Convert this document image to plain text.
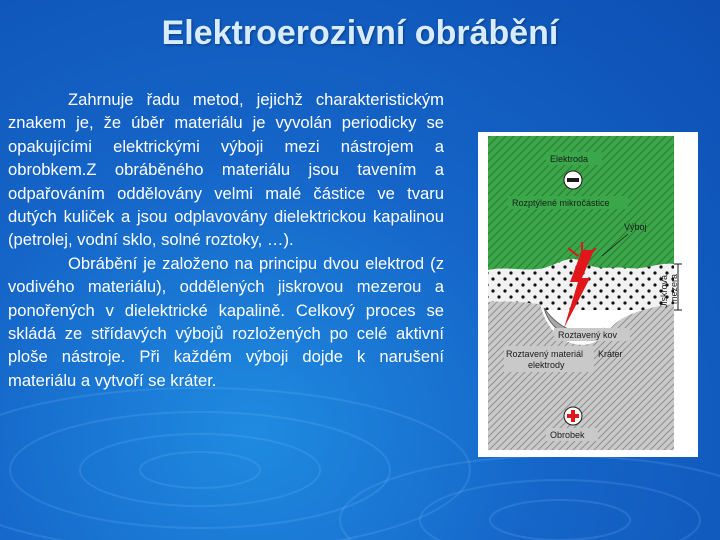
Elektroerozivní obrábění

Zahrnuje řadu metod, jejichž charakteristickým znakem je, že úběr materiálu je vyvolán periodicky se opakujícími elektrickými výboji mezi nástrojem a obrobkem.Z obráběného materiálu jsou tavením a odpařováním oddělovány velmi malé částice ve tvaru dutých kuliček a jsou odplavovány dielektrickou kapalinou (petrolej, vodní sklo, solné roztoky, …).

Obrábění je založeno na principu dvou elektrod (z vodivého materiálu), oddělených jiskrovou mezerou a ponořených v dielektrické kapalině. Celkový proces se skládá ze střídavých výbojů rozložených po celé aktivní ploše nástroje. Při každém výboji dojde k narušení materiálu a vytvoří se kráter.

Elektroda
Rozptýlené mikročástice
Výboj
Jiskrová mezera
Roztavený kov
Roztavený materiál
elektrody
Kráter
Obrobek
